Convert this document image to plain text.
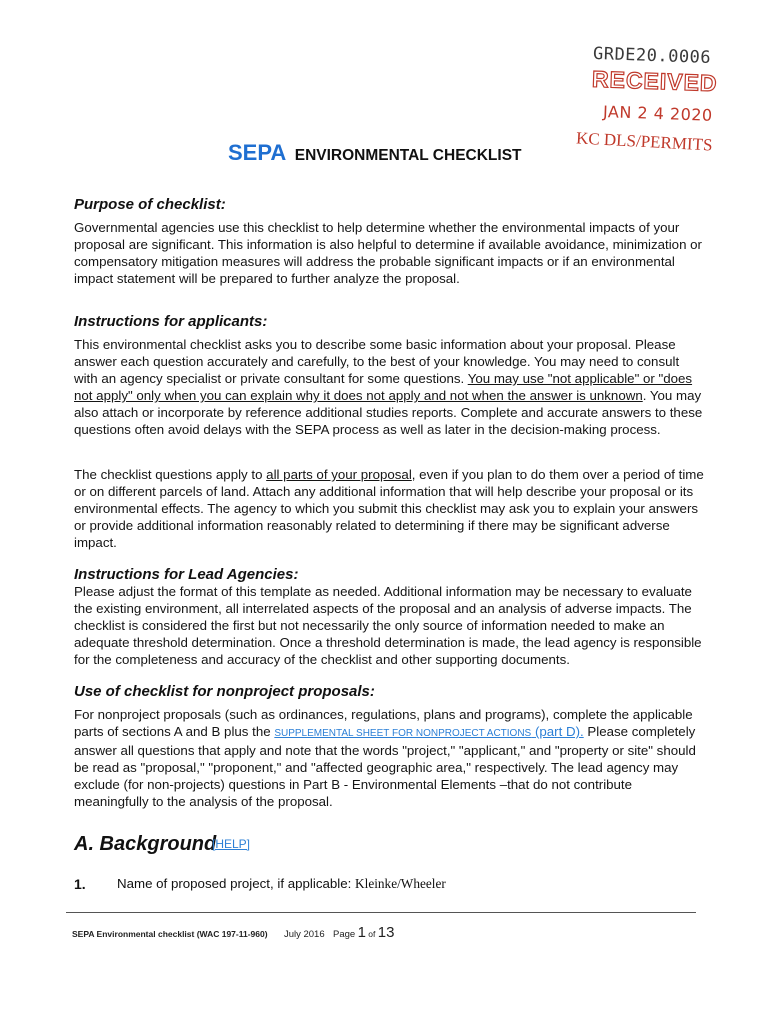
GRDE20.0006
RECEIVED
JAN 2 4 2020
KC DLS/PERMITS
SEPA ENVIRONMENTAL CHECKLIST
Purpose of checklist:
Governmental agencies use this checklist to help determine whether the environmental impacts of your proposal are significant. This information is also helpful to determine if available avoidance, minimization or compensatory mitigation measures will address the probable significant impacts or if an environmental impact statement will be prepared to further analyze the proposal.
Instructions for applicants:
This environmental checklist asks you to describe some basic information about your proposal. Please answer each question accurately and carefully, to the best of your knowledge. You may need to consult with an agency specialist or private consultant for some questions. You may use "not applicable" or "does not apply" only when you can explain why it does not apply and not when the answer is unknown. You may also attach or incorporate by reference additional studies reports. Complete and accurate answers to these questions often avoid delays with the SEPA process as well as later in the decision-making process.
The checklist questions apply to all parts of your proposal, even if you plan to do them over a period of time or on different parcels of land. Attach any additional information that will help describe your proposal or its environmental effects. The agency to which you submit this checklist may ask you to explain your answers or provide additional information reasonably related to determining if there may be significant adverse impact.
Instructions for Lead Agencies:
Please adjust the format of this template as needed. Additional information may be necessary to evaluate the existing environment, all interrelated aspects of the proposal and an analysis of adverse impacts. The checklist is considered the first but not necessarily the only source of information needed to make an adequate threshold determination. Once a threshold determination is made, the lead agency is responsible for the completeness and accuracy of the checklist and other supporting documents.
Use of checklist for nonproject proposals:
For nonproject proposals (such as ordinances, regulations, plans and programs), complete the applicable parts of sections A and B plus the SUPPLEMENTAL SHEET FOR NONPROJECT ACTIONS (part D). Please completely answer all questions that apply and note that the words "project," "applicant," and "property or site" should be read as "proposal," "proponent," and "affected geographic area," respectively. The lead agency may exclude (for non-projects) questions in Part B - Environmental Elements –that do not contribute meaningfully to the analysis of the proposal.
A. Background
[HELP]
1. Name of proposed project, if applicable: Kleinke/Wheeler
SEPA Environmental checklist (WAC 197-11-960) July 2016 Page 1 of 13
